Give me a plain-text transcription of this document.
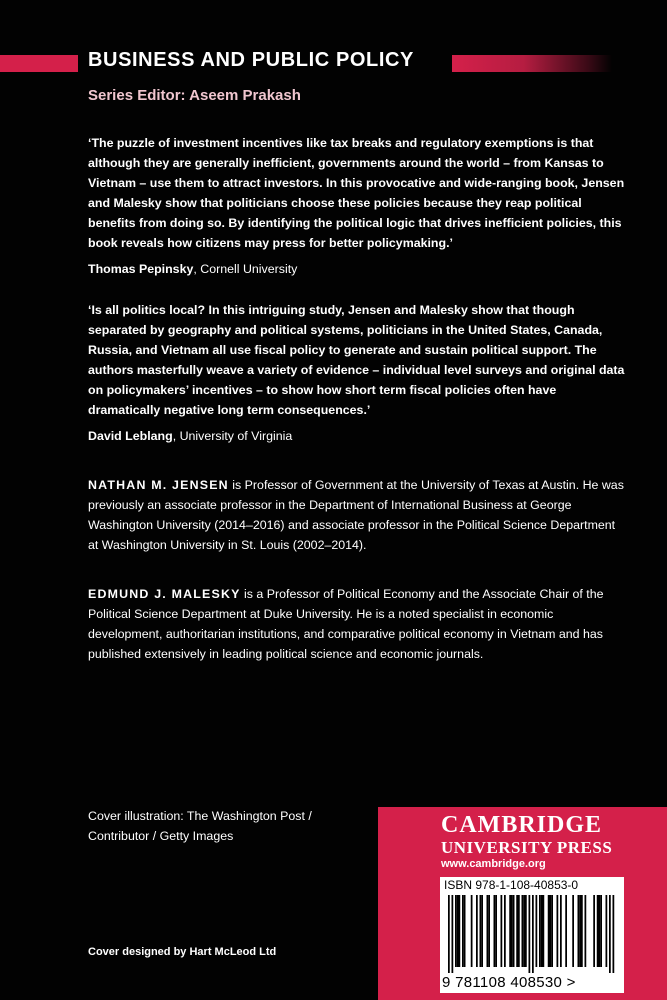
BUSINESS AND PUBLIC POLICY
Series Editor: Aseem Prakash
‘The puzzle of investment incentives like tax breaks and regulatory exemptions is that although they are generally inefficient, governments around the world – from Kansas to Vietnam – use them to attract investors. In this provocative and wide-ranging book, Jensen and Malesky show that politicians choose these policies because they reap political benefits from doing so. By identifying the political logic that drives inefficient policies, this book reveals how citizens may press for better policymaking.’
Thomas Pepinsky, Cornell University
‘Is all politics local? In this intriguing study, Jensen and Malesky show that though separated by geography and political systems, politicians in the United States, Canada, Russia, and Vietnam all use fiscal policy to generate and sustain political support. The authors masterfully weave a variety of evidence – individual level surveys and original data on policymakers’ incentives – to show how short term fiscal policies often have dramatically negative long term consequences.’
David Leblang, University of Virginia
NATHAN M. JENSEN is Professor of Government at the University of Texas at Austin. He was previously an associate professor in the Department of International Business at George Washington University (2014–2016) and associate professor in the Political Science Department at Washington University in St. Louis (2002–2014).
EDMUND J. MALESKY is a Professor of Political Economy and the Associate Chair of the Political Science Department at Duke University. He is a noted specialist in economic development, authoritarian institutions, and comparative political economy in Vietnam and has published extensively in leading political science and economic journals.
Cover illustration: The Washington Post /
Contributor / Getty Images
Cover designed by Hart McLeod Ltd
CAMBRIDGE
UNIVERSITY PRESS
www.cambridge.org
ISBN 978-1-108-40853-0
9 781108 408530 >
